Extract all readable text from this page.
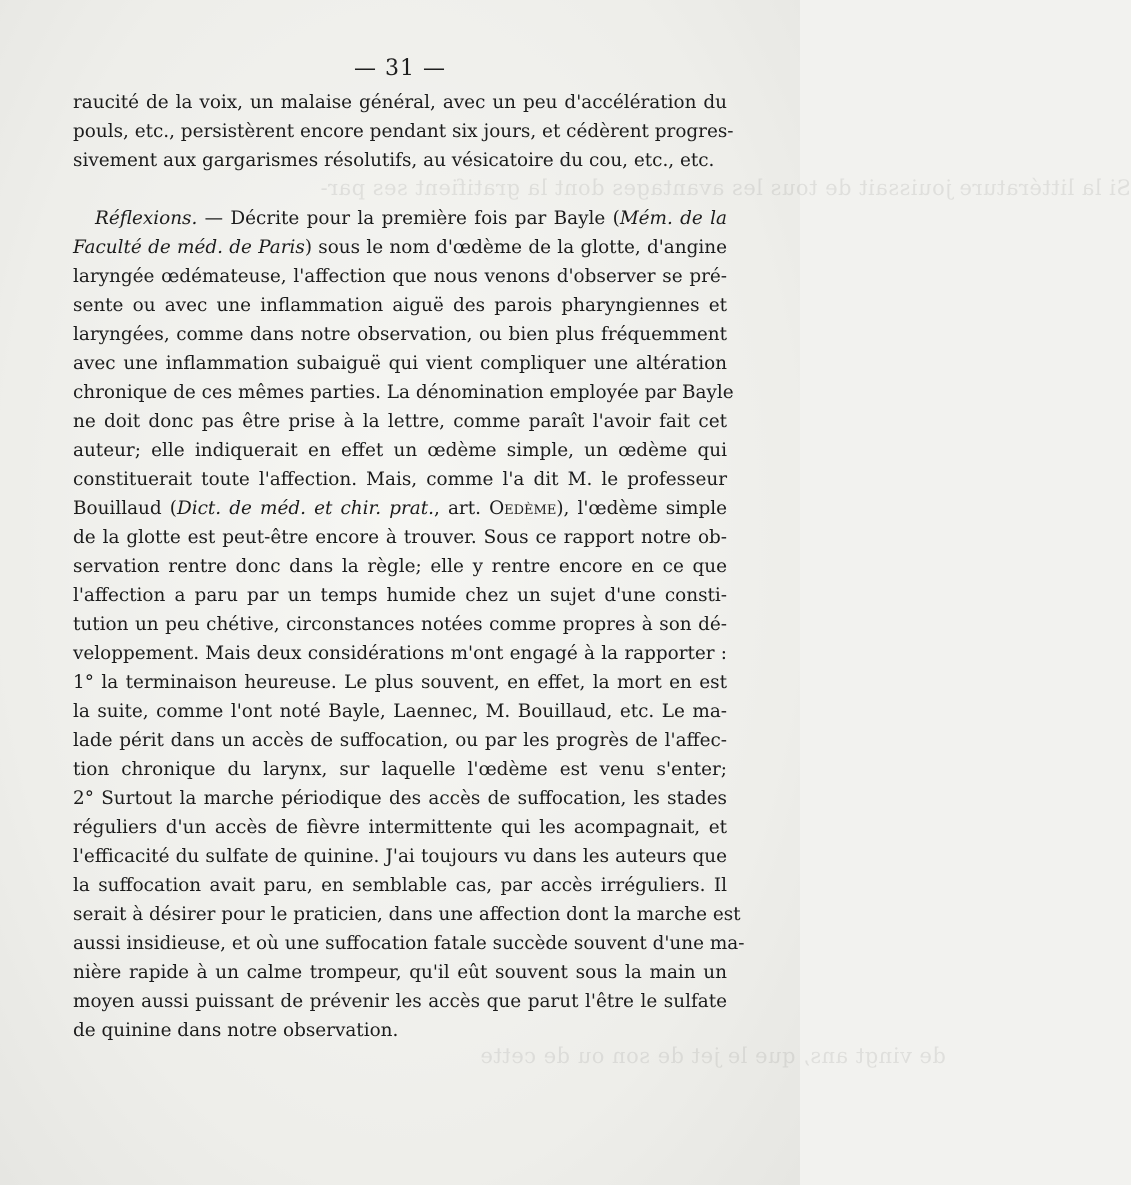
Si la littérature jouissait de tous les avantages dont la gratifient ses par-
de vingt ans, que le jet de son ou de cette
— 31 —
raucité de la voix, un malaise général, avec un peu d'accélération du
pouls, etc., persistèrent encore pendant six jours, et cédèrent progres-
sivement aux gargarismes résolutifs, au vésicatoire du cou, etc., etc.
Réflexions. — Décrite pour la première fois par Bayle (Mém. de la
Faculté de méd. de Paris) sous le nom d'œdème de la glotte, d'angine
laryngée œdémateuse, l'affection que nous venons d'observer se pré-
sente ou avec une inflammation aiguë des parois pharyngiennes et
laryngées, comme dans notre observation, ou bien plus fréquemment
avec une inflammation subaiguë qui vient compliquer une altération
chronique de ces mêmes parties. La dénomination employée par Bayle
ne doit donc pas être prise à la lettre, comme paraît l'avoir fait cet
auteur; elle indiquerait en effet un œdème simple, un œdème qui
constituerait toute l'affection. Mais, comme l'a dit M. le professeur
Bouillaud (Dict. de méd. et chir. prat., art. Oedème), l'œdème simple
de la glotte est peut-être encore à trouver. Sous ce rapport notre ob-
servation rentre donc dans la règle; elle y rentre encore en ce que
l'affection a paru par un temps humide chez un sujet d'une consti-
tution un peu chétive, circonstances notées comme propres à son dé-
veloppement. Mais deux considérations m'ont engagé à la rapporter :
1° la terminaison heureuse. Le plus souvent, en effet, la mort en est
la suite, comme l'ont noté Bayle, Laennec, M. Bouillaud, etc. Le ma-
lade périt dans un accès de suffocation, ou par les progrès de l'affec-
tion chronique du larynx, sur laquelle l'œdème est venu s'enter;
2° Surtout la marche périodique des accès de suffocation, les stades
réguliers d'un accès de fièvre intermittente qui les acompagnait, et
l'efficacité du sulfate de quinine. J'ai toujours vu dans les auteurs que
la suffocation avait paru, en semblable cas, par accès irréguliers. Il
serait à désirer pour le praticien, dans une affection dont la marche est
aussi insidieuse, et où une suffocation fatale succède souvent d'une ma-
nière rapide à un calme trompeur, qu'il eût souvent sous la main un
moyen aussi puissant de prévenir les accès que parut l'être le sulfate
de quinine dans notre observation.
